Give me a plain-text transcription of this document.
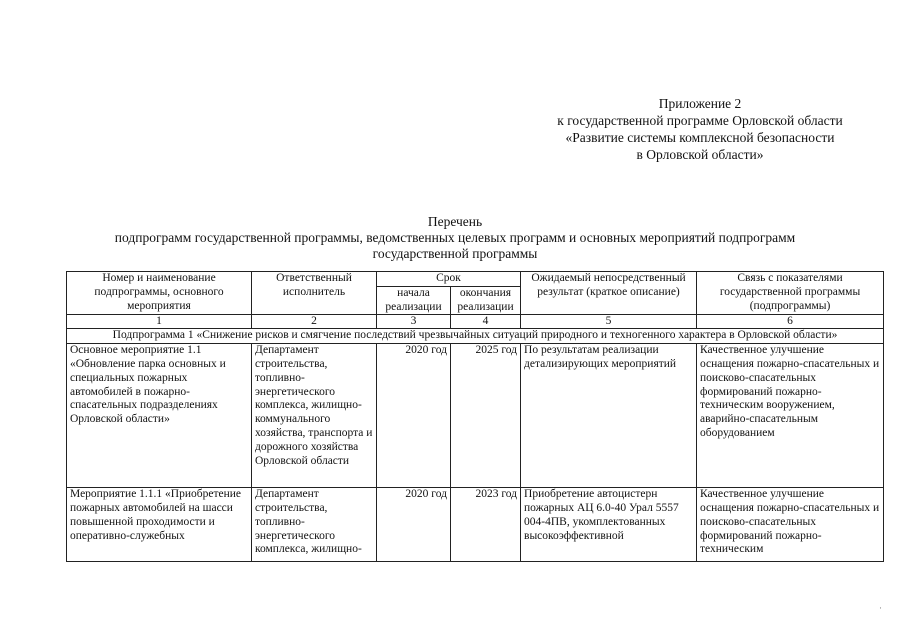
Приложение 2
к государственной программе Орловской области
«Развитие системы комплексной безопасности
в Орловской области»
Перечень
подпрограмм государственной программы, ведомственных целевых программ и основных мероприятий подпрограмм
государственной программы
Номер и наименование подпрограммы, основного мероприятия	Ответственный исполнитель	Срок		Ожидаемый непосредственный результат (краткое описание)	Связь с показателями государственной программы (подпрограммы)
		начала реализации	окончания реализации		
1	2	3	4	5	6
Подпрограмма 1 «Снижение рисков и смягчение последствий чрезвычайных ситуаций природного и техногенного характера в Орловской области»					
Основное мероприятие 1.1 «Обновление парка основных и специальных пожарных автомобилей в пожарно-спасательных подразделениях Орловской области»	Департамент строительства, топливно-энергетического комплекса, жилищно-коммунального хозяйства, транспорта и дорожного хозяйства Орловской области	2020 год	2025 год	По результатам реализации детализирующих мероприятий	Качественное улучшение оснащения пожарно-спасательных и поисково-спасательных формирований пожарно-техническим вооружением, аварийно-спасательным оборудованием
Мероприятие 1.1.1 «Приобретение пожарных автомобилей на шасси повышенной проходимости и оперативно-служебных	Департамент строительства, топливно-энергетического комплекса, жилищно-	2020 год	2023 год	Приобретение автоцистерн пожарных АЦ 6.0-40 Урал 5557 004-4ПВ, укомплектованных высокоэффективной	Качественное улучшение оснащения пожарно-спасательных и поисково-спасательных формирований пожарно-техническим
·
